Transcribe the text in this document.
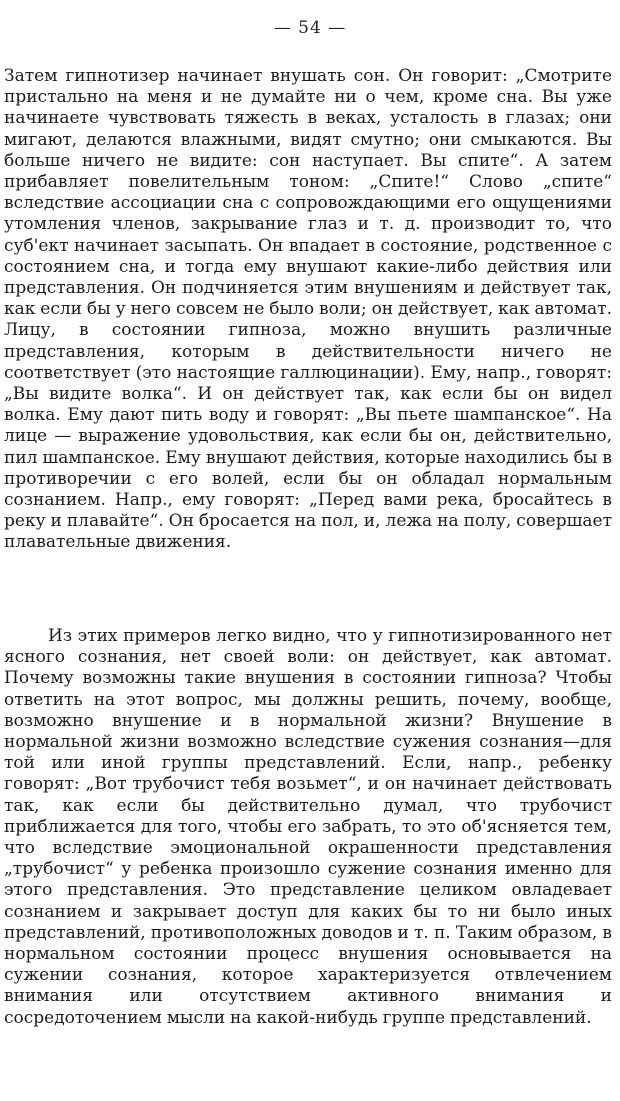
— 54 —

Затем гипнотизер начинает внушать сон. Он говорит: „Смотрите пристально на меня и не думайте ни о чем, кроме сна. Вы уже начинаете чувствовать тяжесть в веках, усталость в глазах; они мигают, делаются влажными, видят смутно; они смыкаются. Вы больше ничего не видите: сон наступает. Вы спите“. А затем прибавляет повелительным тоном: „Спите!“ Слово „спите“ вследствие ассоциации сна с сопровождающими его ощущениями утомления членов, закрывание глаз и т. д. производит то, что суб'ект начинает засыпать. Он впадает в состояние, родственное с состоянием сна, и тогда ему внушают какие-либо действия или представления. Он подчиняется этим внушениям и действует так, как если бы у него совсем не было воли; он действует, как автомат. Лицу, в состоянии гипноза, можно внушить различные представления, которым в действительности ничего не соответствует (это настоящие галлюцинации). Ему, напр., говорят: „Вы видите волка“. И он действует так, как если бы он видел волка. Ему дают пить воду и говорят: „Вы пьете шампанское“. На лице — выражение удовольствия, как если бы он, действительно, пил шампанское. Ему внушают действия, которые находились бы в противоречии с его волей, если бы он обладал нормальным сознанием. Напр., ему говорят: „Перед вами река, бросайтесь в реку и плавайте“. Он бросается на пол, и, лежа на полу, совершает плавательные движения.

Из этих примеров легко видно, что у гипнотизированного нет ясного сознания, нет своей воли: он действует, как автомат. Почему возможны такие внушения в состоянии гипноза? Чтобы ответить на этот вопрос, мы должны решить, почему, вообще, возможно внушение и в нормальной жизни? Внушение в нормальной жизни возможно вследствие сужения сознания—для той или иной группы представлений. Если, напр., ребенку говорят: „Вот трубочист тебя возьмет“, и он начинает действовать так, как если бы действительно думал, что трубочист приближается для того, чтобы его забрать, то это об'ясняется тем, что вследствие эмоциональной окрашенности представления „трубочист“ у ребенка произошло сужение сознания именно для этого представления. Это представление целиком овладевает сознанием и закрывает доступ для каких бы то ни было иных представлений, противоположных доводов и т. п. Таким образом, в нормальном состоянии процесс внушения основывается на сужении сознания, которое характеризуется отвлечением внимания или отсутствием активного внимания и сосредоточением мысли на какой-нибудь группе представлений.
